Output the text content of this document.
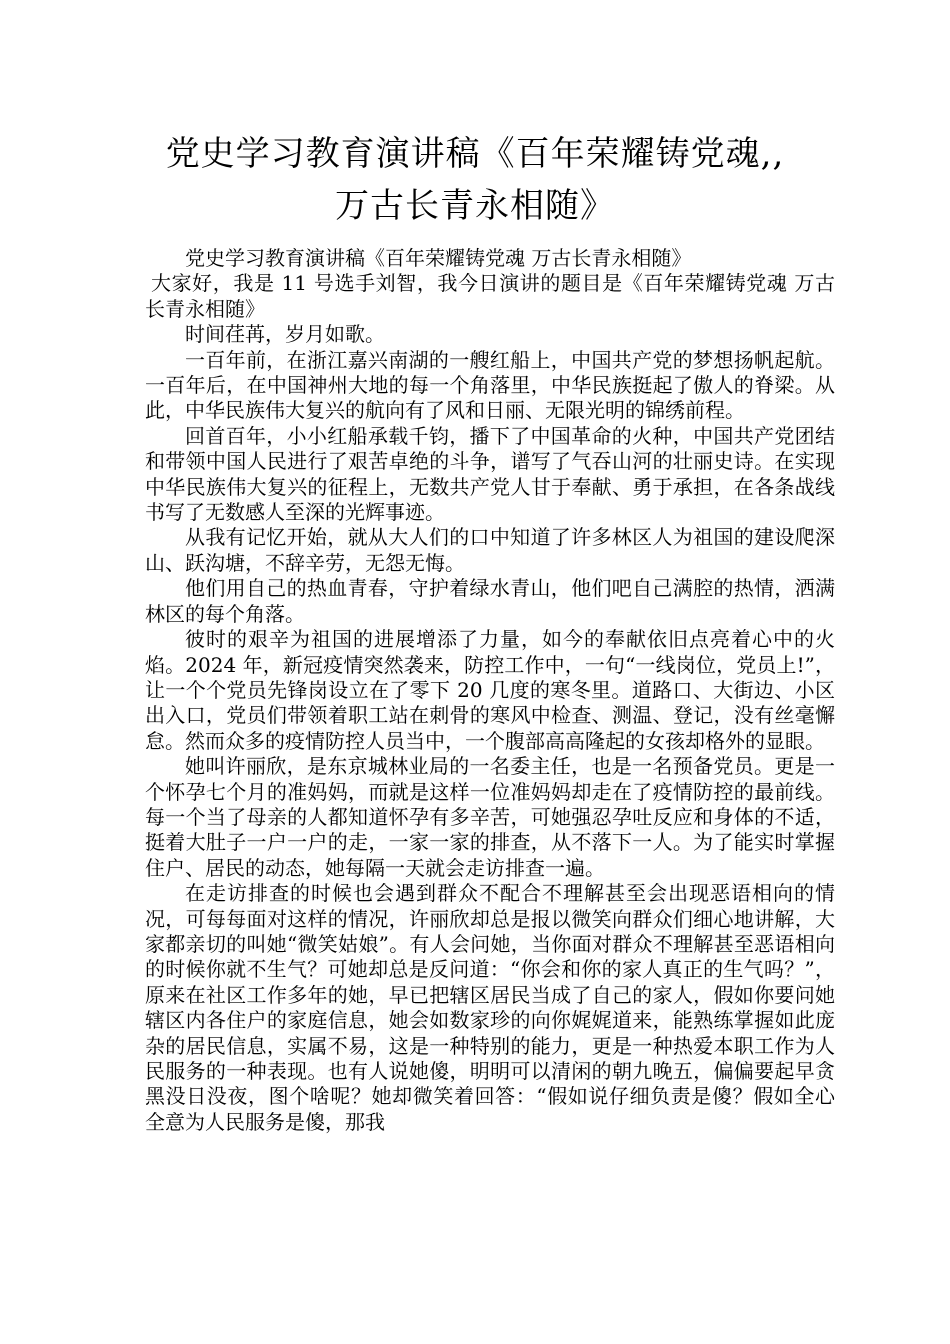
党史学习教育演讲稿《百年荣耀铸党魂,,
万古长青永相随》

党史学习教育演讲稿《百年荣耀铸党魂 万古长青永相随》

大家好，我是 11 号选手刘智，我今日演讲的题目是《百年荣耀铸党魂 万古长青永相随》

时间荏苒，岁月如歌。

一百年前，在浙江嘉兴南湖的一艘红船上，中国共产党的梦想扬帆起航。一百年后，在中国神州大地的每一个角落里，中华民族挺起了傲人的脊梁。从此，中华民族伟大复兴的航向有了风和日丽、无限光明的锦绣前程。

回首百年，小小红船承载千钧，播下了中国革命的火种，中国共产党团结和带领中国人民进行了艰苦卓绝的斗争，谱写了气吞山河的壮丽史诗。在实现中华民族伟大复兴的征程上，无数共产党人甘于奉献、勇于承担，在各条战线书写了无数感人至深的光辉事迹。

从我有记忆开始，就从大人们的口中知道了许多林区人为祖国的建设爬深山、跃沟塘，不辞辛劳，无怨无悔。

他们用自己的热血青春，守护着绿水青山，他们吧自己满腔的热情，洒满林区的每个角落。

彼时的艰辛为祖国的进展增添了力量，如今的奉献依旧点亮着心中的火焰。2024 年，新冠疫情突然袭来，防控工作中，一句“一线岗位，党员上!”，让一个个党员先锋岗设立在了零下 20 几度的寒冬里。道路口、大街边、小区出入口，党员们带领着职工站在刺骨的寒风中检查、测温、登记，没有丝毫懈怠。然而众多的疫情防控人员当中，一个腹部高高隆起的女孩却格外的显眼。

她叫许丽欣，是东京城林业局的一名委主任，也是一名预备党员。更是一个怀孕七个月的准妈妈，而就是这样一位准妈妈却走在了疫情防控的最前线。每一个当了母亲的人都知道怀孕有多辛苦，可她强忍孕吐反应和身体的不适，挺着大肚子一户一户的走，一家一家的排查，从不落下一人。为了能实时掌握住户、居民的动态，她每隔一天就会走访排查一遍。

在走访排查的时候也会遇到群众不配合不理解甚至会出现恶语相向的情况，可每每面对这样的情况，许丽欣却总是报以微笑向群众们细心地讲解，大家都亲切的叫她“微笑姑娘”。有人会问她，当你面对群众不理解甚至恶语相向的时候你就不生气？可她却总是反问道：“你会和你的家人真正的生气吗？”，原来在社区工作多年的她，早已把辖区居民当成了自己的家人，假如你要问她辖区内各住户的家庭信息，她会如数家珍的向你娓娓道来，能熟练掌握如此庞杂的居民信息，实属不易，这是一种特别的能力，更是一种热爱本职工作为人民服务的一种表现。也有人说她傻，明明可以清闲的朝九晚五，偏偏要起早贪黑没日没夜，图个啥呢？她却微笑着回答：“假如说仔细负责是傻？假如全心全意为人民服务是傻，那我
